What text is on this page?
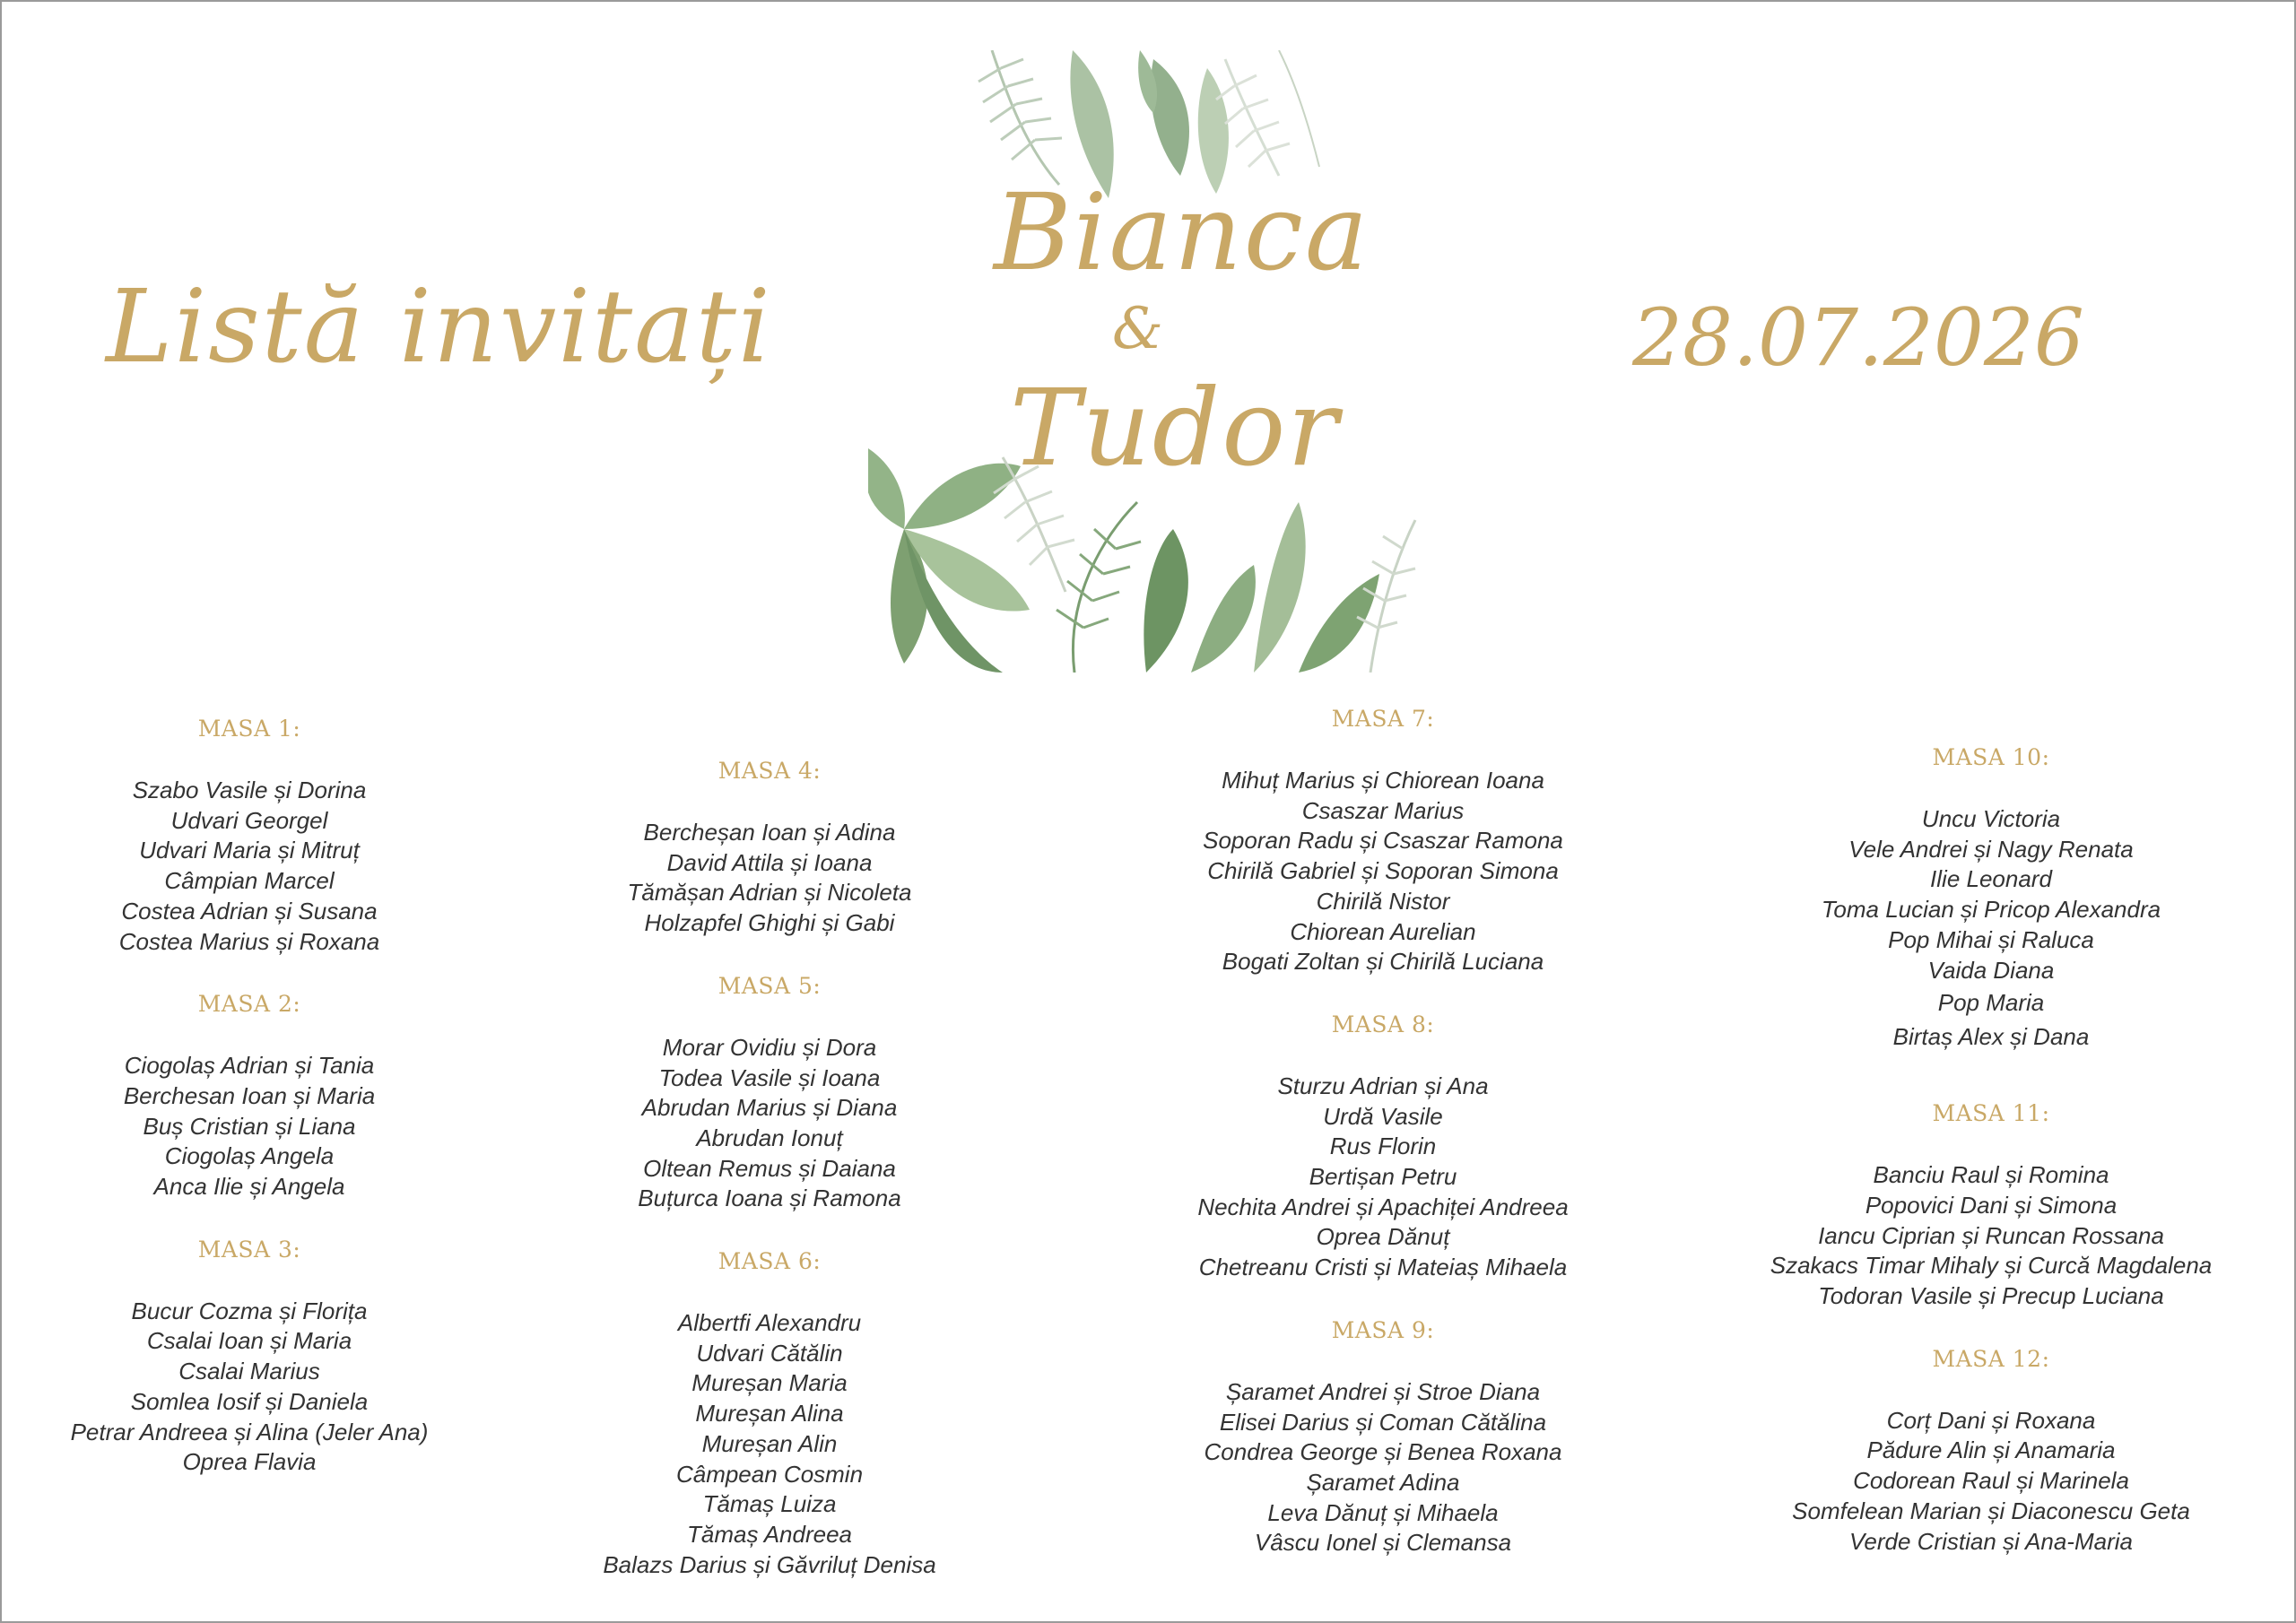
Listă invitați	28.07.2026
Bianca
&
Tudor
MASA 1:
Szabo Vasile și Dorina
Udvari Georgel
Udvari Maria și Mitruț
Câmpian Marcel
Costea Adrian și Susana
Costea Marius și Roxana
MASA 2:
Ciogolaș Adrian și Tania
Berchesan Ioan și Maria
Buș Cristian și Liana
Ciogolaș Angela
Anca Ilie și Angela
MASA 3:
Bucur Cozma și Florița
Csalai Ioan și Maria
Csalai Marius
Somlea Iosif și Daniela
Petrar Andreea și Alina (Jeler Ana)
Oprea Flavia
MASA 4:
Bercheșan Ioan și Adina
David Attila și Ioana
Tămășan Adrian și Nicoleta
Holzapfel Ghighi și Gabi
MASA 5:
Morar Ovidiu și Dora
Todea Vasile și Ioana
Abrudan Marius și Diana
Abrudan Ionuț
Oltean Remus și Daiana
Buțurca Ioana și Ramona
MASA 6:
Albertfi Alexandru
Udvari Cătălin
Mureșan Maria
Mureșan Alina
Mureșan Alin
Câmpean Cosmin
Tămaș Luiza
Tămaș Andreea
Balazs Darius și Găvriluț Denisa
MASA 7:
Mihuț Marius și Chiorean Ioana
Csaszar Marius
Soporan Radu și Csaszar Ramona
Chirilă Gabriel și Soporan Simona
Chirilă Nistor
Chiorean Aurelian
Bogati Zoltan și Chirilă Luciana
MASA 8:
Sturzu Adrian și Ana
Urdă Vasile
Rus Florin
Bertișan Petru
Nechita Andrei și Apachiței Andreea
Oprea Dănuț
Chetreanu Cristi și Mateiaș Mihaela
MASA 9:
Șaramet Andrei și Stroe Diana
Elisei Darius și Coman Cătălina
Condrea George și Benea Roxana
Șaramet Adina
Leva Dănuț și Mihaela
Vâscu Ionel și Clemansa
MASA 10:
Uncu Victoria
Vele Andrei și Nagy Renata
Ilie Leonard
Toma Lucian și Pricop Alexandra
Pop Mihai și Raluca
Vaida Diana
Pop Maria
Birtaș Alex și Dana
MASA 11:
Banciu Raul și Romina
Popovici Dani și Simona
Iancu Ciprian și Runcan Rossana
Szakacs Timar Mihaly și Curcă Magdalena
Todoran Vasile și Precup Luciana
MASA 12:
Corț Dani și Roxana
Pădure Alin și Anamaria
Codorean Raul și Marinela
Somfelean Marian și Diaconescu Geta
Verde Cristian și Ana-Maria
